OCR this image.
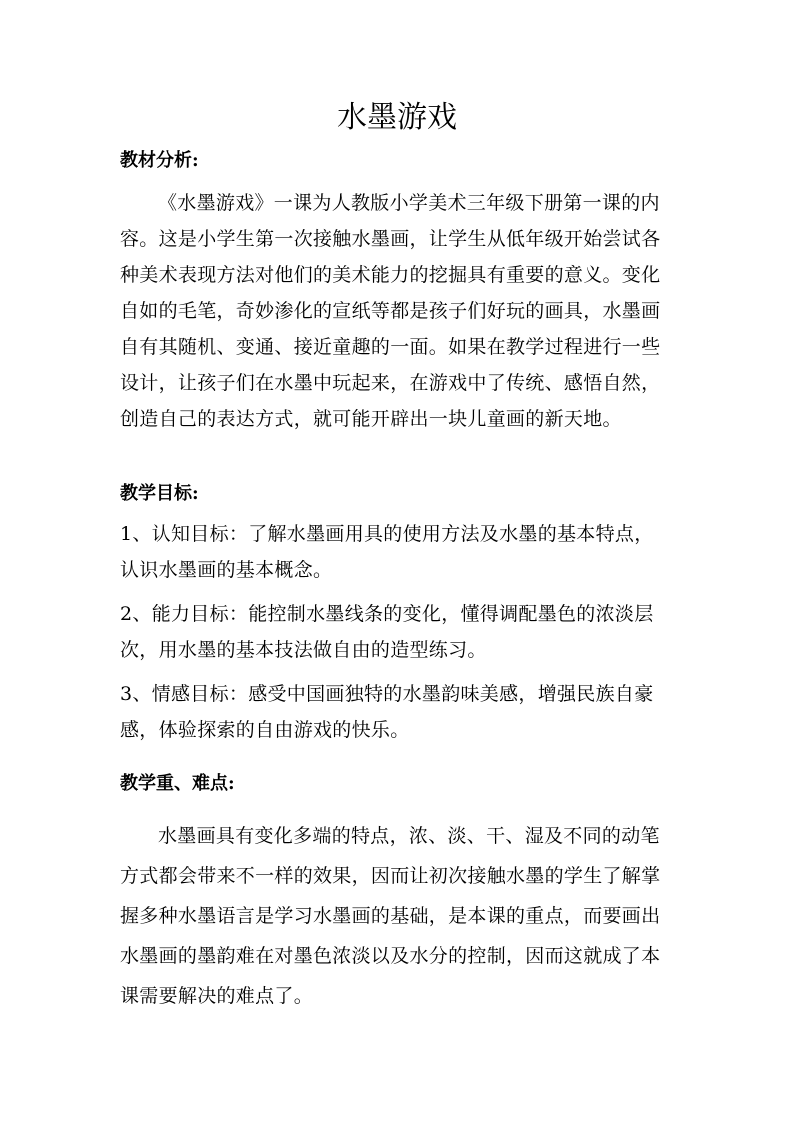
水墨游戏
教材分析:
《水墨游戏》一课为人教版小学美术三年级下册第一课的内
容。这是小学生第一次接触水墨画，让学生从低年级开始尝试各
种美术表现方法对他们的美术能力的挖掘具有重要的意义。变化
自如的毛笔，奇妙渗化的宣纸等都是孩子们好玩的画具，水墨画
自有其随机、变通、接近童趣的一面。如果在教学过程进行一些
设计，让孩子们在水墨中玩起来，在游戏中了传统、感悟自然，
创造自己的表达方式，就可能开辟出一块儿童画的新天地。
教学目标:
1、认知目标：了解水墨画用具的使用方法及水墨的基本特点，
认识水墨画的基本概念。
2、能力目标：能控制水墨线条的变化，懂得调配墨色的浓淡层
次，用水墨的基本技法做自由的造型练习。
3、情感目标：感受中国画独特的水墨韵味美感，增强民族自豪
感，体验探索的自由游戏的快乐。
教学重、难点:
水墨画具有变化多端的特点，浓、淡、干、湿及不同的动笔
方式都会带来不一样的效果，因而让初次接触水墨的学生了解掌
握多种水墨语言是学习水墨画的基础，是本课的重点，而要画出
水墨画的墨韵难在对墨色浓淡以及水分的控制，因而这就成了本
课需要解决的难点了。
